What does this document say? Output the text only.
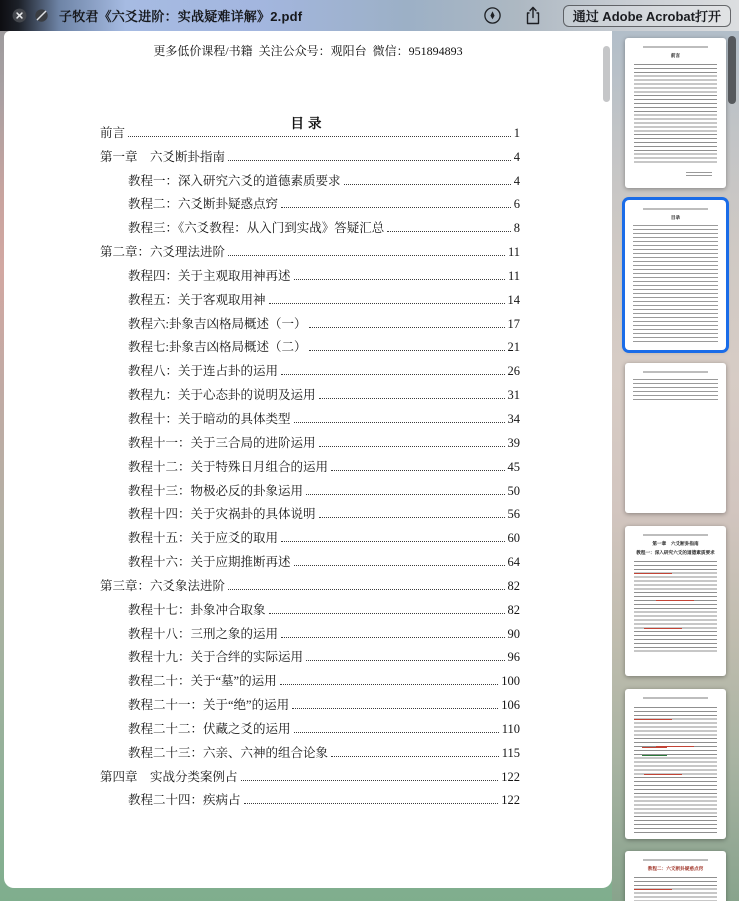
子牧君《六爻进阶：实战疑难详解》2.pdf	通过 Adobe Acrobat打开
更多低价课程/书籍  关注公众号：观阳台  微信：951894893
目录
前言	1
第一章　六爻断卦指南	4
教程一：深入研究六爻的道德素质要求	4
教程二：六爻断卦疑惑点窍	6
教程三：《六爻教程：从入门到实战》答疑汇总	8
第二章：六爻理法进阶	11
教程四：关于主观取用神再述	11
教程五：关于客观取用神	14
教程六:卦象吉凶格局概述（一）	17
教程七:卦象吉凶格局概述（二）	21
教程八：关于连占卦的运用	26
教程九：关于心态卦的说明及运用	31
教程十：关于暗动的具体类型	34
教程十一：关于三合局的进阶运用	39
教程十二：关于特殊日月组合的运用	45
教程十三：物极必反的卦象运用	50
教程十四：关于灾祸卦的具体说明	56
教程十五：关于应爻的取用	60
教程十六：关于应期推断再述	64
第三章：六爻象法进阶	82
教程十七：卦象冲合取象	82
教程十八：三刑之象的运用	90
教程十九：关于合绊的实际运用	96
教程二十：关于“墓”的运用	100
教程二十一：关于“绝”的运用	106
教程二十二：伏藏之爻的运用	110
教程二十三：六亲、六神的组合论象	115
第四章　实战分类案例占	122
教程二十四：疾病占	122
前言
目录
第一章　六爻断卦指南
教程一：深入研究六爻的道德素质要求
教程二：六爻断卦疑惑点窍
